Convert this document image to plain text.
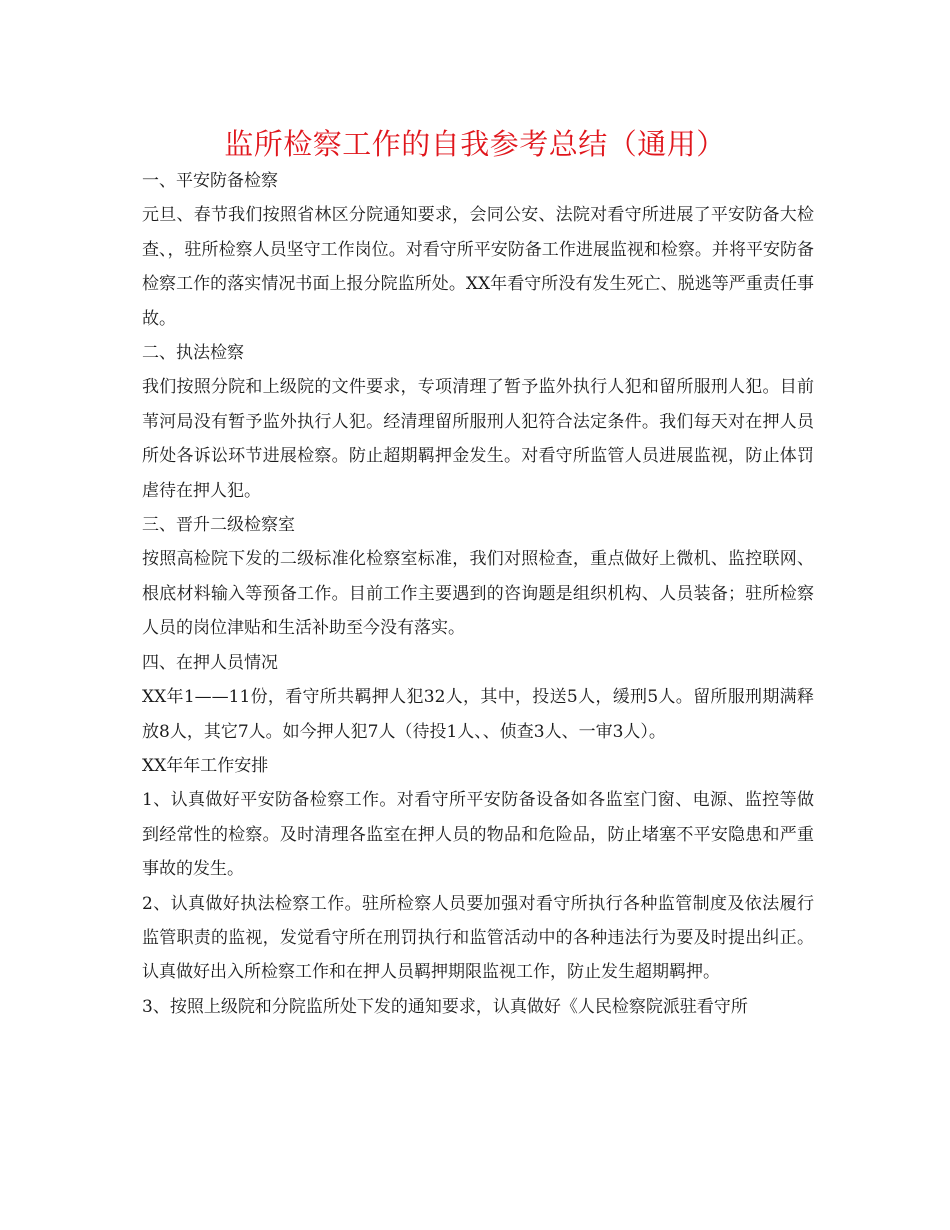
监所检察工作的自我参考总结（通用）

一、平安防备检察

元旦、春节我们按照省林区分院通知要求，会同公安、法院对看守所进展了平安防备大检查、，驻所检察人员坚守工作岗位。对看守所平安防备工作进展监视和检察。并将平安防备检察工作的落实情况书面上报分院监所处。XX年看守所没有发生死亡、脱逃等严重责任事故。

二、执法检察

我们按照分院和上级院的文件要求，专项清理了暂予监外执行人犯和留所服刑人犯。目前苇河局没有暂予监外执行人犯。经清理留所服刑人犯符合法定条件。我们每天对在押人员所处各诉讼环节进展检察。防止超期羁押金发生。对看守所监管人员进展监视，防止体罚虐待在押人犯。

三、晋升二级检察室

按照高检院下发的二级标准化检察室标准，我们对照检查，重点做好上微机、监控联网、根底材料输入等预备工作。目前工作主要遇到的咨询题是组织机构、人员装备；驻所检察人员的岗位津贴和生活补助至今没有落实。

四、在押人员情况

XX年1——11份，看守所共羁押人犯32人，其中，投送5人，缓刑5人。留所服刑期满释放8人，其它7人。如今押人犯7人（待投1人、、侦查3人、一审3人）。

XX年年工作安排

1、认真做好平安防备检察工作。对看守所平安防备设备如各监室门窗、电源、监控等做到经常性的检察。及时清理各监室在押人员的物品和危险品，防止堵塞不平安隐患和严重事故的发生。

2、认真做好执法检察工作。驻所检察人员要加强对看守所执行各种监管制度及依法履行监管职责的监视，发觉看守所在刑罚执行和监管活动中的各种违法行为要及时提出纠正。认真做好出入所检察工作和在押人员羁押期限监视工作，防止发生超期羁押。

3、按照上级院和分院监所处下发的通知要求，认真做好《人民检察院派驻看守所
